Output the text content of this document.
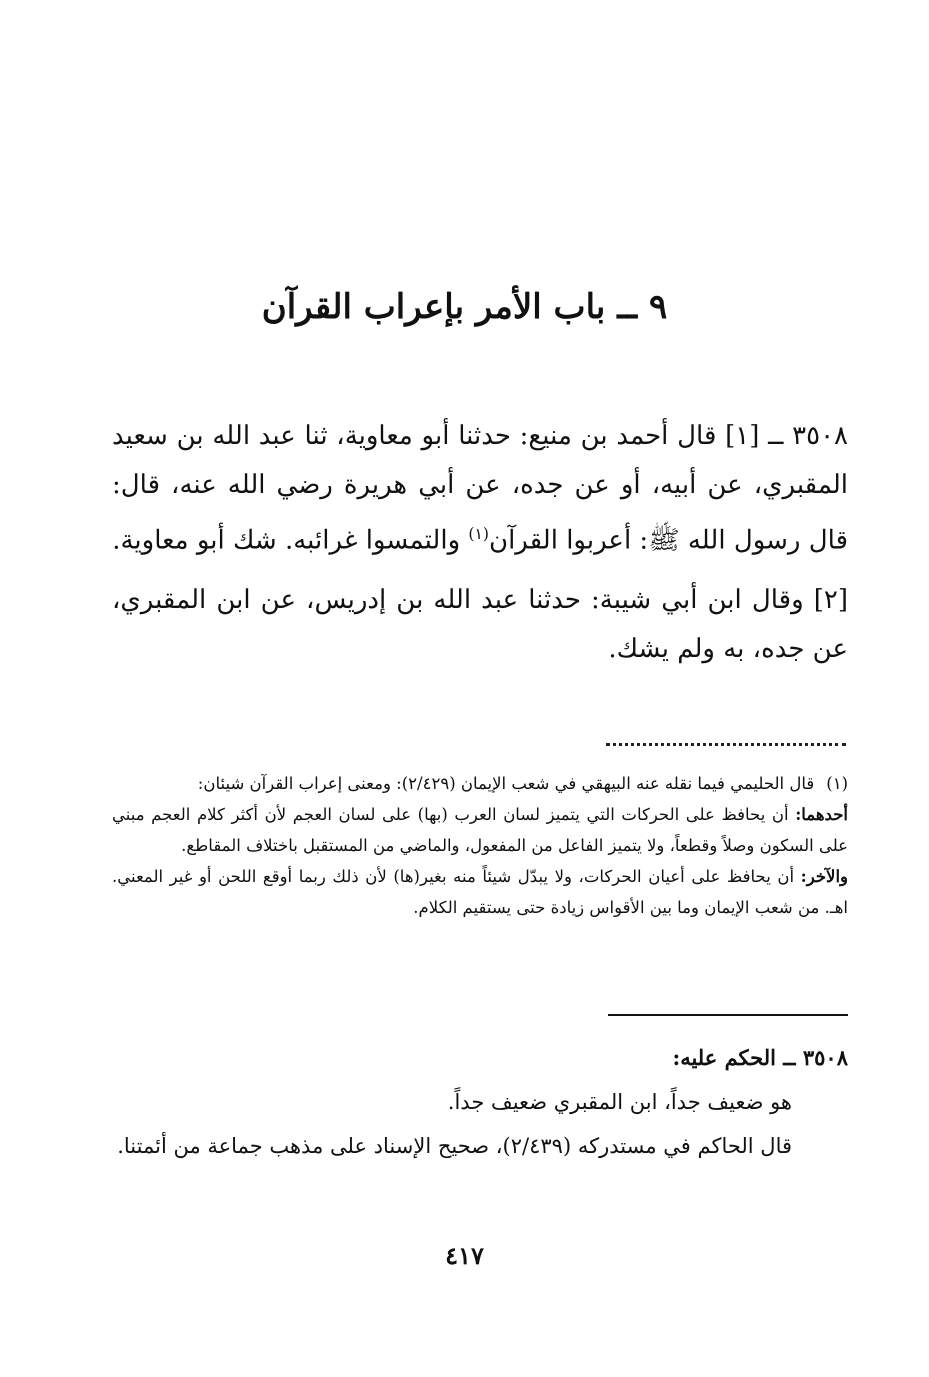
٩ ــ باب الأمر بإعراب القرآن

٣٥٠٨ ــ [١] قال أحمد بن منيع: حدثنا أبو معاوية، ثنا عبد الله بن سعيد المقبري، عن أبيه، أو عن جده، عن أبي هريرة رضي الله عنه، قال: قال رسول الله ﷺ: أعربوا القرآن$^{(١)}$ والتمسوا غرائبه. شك أبو معاوية.

[٢] وقال ابن أبي شيبة: حدثنا عبد الله بن إدريس، عن ابن المقبري، عن جده، به ولم يشك.

(١)قال الحليمي فيما نقله عنه البيهقي في شعب الإيمان (٢/٤٢٩): ومعنى إعراب القرآن شيئان:

أحدهما: أن يحافظ على الحركات التي يتميز لسان العرب (بها) على لسان العجم لأن أكثر كلام العجم مبني على السكون وصلاً وقطعاً، ولا يتميز الفاعل من المفعول، والماضي من المستقبل باختلاف المقاطع.

والآخر: أن يحافظ على أعيان الحركات، ولا يبدّل شيئاً منه بغير(ها) لأن ذلك ربما أوقع اللحن أو غير المعني. اهـ. من شعب الإيمان وما بين الأقواس زيادة حتى يستقيم الكلام.

٣٥٠٨ ــ الحكم عليه:

هو ضعيف جداً، ابن المقبري ضعيف جداً.

قال الحاكم في مستدركه (٢/٤٣٩)، صحيح الإسناد على مذهب جماعة من أئمتنا.

٤١٧
